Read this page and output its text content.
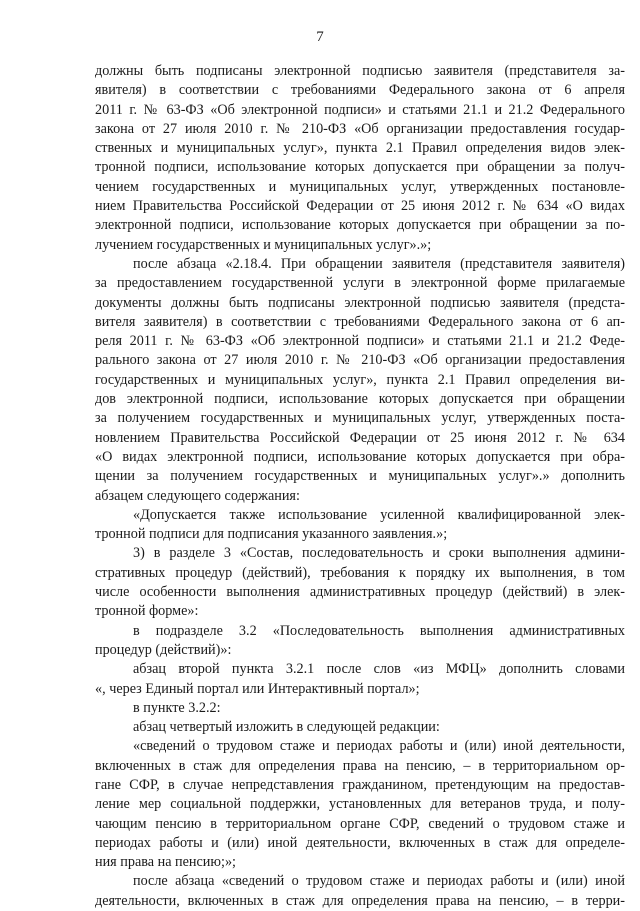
7
должны быть подписаны электронной подписью заявителя (представителя за-
явителя) в соответствии с требованиями Федерального закона от 6 апреля
2011 г. № 63-ФЗ «Об электронной подписи» и статьями 21.1 и 21.2 Федерального
закона от 27 июля 2010 г. № 210-ФЗ «Об организации предоставления государ-
ственных и муниципальных услуг», пункта 2.1 Правил определения видов элек-
тронной подписи, использование которых допускается при обращении за получ-
чением государственных и муниципальных услуг, утвержденных постановле-
нием Правительства Российской Федерации от 25 июня 2012 г. № 634 «О видах
электронной подписи, использование которых допускается при обращении за по-
лучением государственных и муниципальных услуг».»;
после абзаца «2.18.4. При обращении заявителя (представителя заявителя)
за предоставлением государственной услуги в электронной форме прилагаемые
документы должны быть подписаны электронной подписью заявителя (предста-
вителя заявителя) в соответствии с требованиями Федерального закона от 6 ап-
реля 2011 г. № 63-ФЗ «Об электронной подписи» и статьями 21.1 и 21.2 Феде-
рального закона от 27 июля 2010 г. № 210-ФЗ «Об организации предоставления
государственных и муниципальных услуг», пункта 2.1 Правил определения ви-
дов электронной подписи, использование которых допускается при обращении
за получением государственных и муниципальных услуг, утвержденных поста-
новлением Правительства Российской Федерации от 25 июня 2012 г. № 634
«О видах электронной подписи, использование которых допускается при обра-
щении за получением государственных и муниципальных услуг».» дополнить
абзацем следующего содержания:
«Допускается также использование усиленной квалифицированной элек-
тронной подписи для подписания указанного заявления.»;
3) в разделе 3 «Состав, последовательность и сроки выполнения админи-
стративных процедур (действий), требования к порядку их выполнения, в том
числе особенности выполнения административных процедур (действий) в элек-
тронной форме»:
в подразделе 3.2 «Последовательность выполнения административных
процедур (действий)»:
абзац второй пункта 3.2.1 после слов «из МФЦ» дополнить словами
«, через Единый портал или Интерактивный портал»;
в пункте 3.2.2:
абзац четвертый изложить в следующей редакции:
«сведений о трудовом стаже и периодах работы и (или) иной деятельности,
включенных в стаж для определения права на пенсию, – в территориальном ор-
гане СФР, в случае непредставления гражданином, претендующим на предостав-
ление мер социальной поддержки, установленных для ветеранов труда, и полу-
чающим пенсию в территориальном органе СФР, сведений о трудовом стаже и
периодах работы и (или) иной деятельности, включенных в стаж для определе-
ния права на пенсию;»;
после абзаца «сведений о трудовом стаже и периодах работы и (или) иной
деятельности, включенных в стаж для определения права на пенсию, – в терри-
